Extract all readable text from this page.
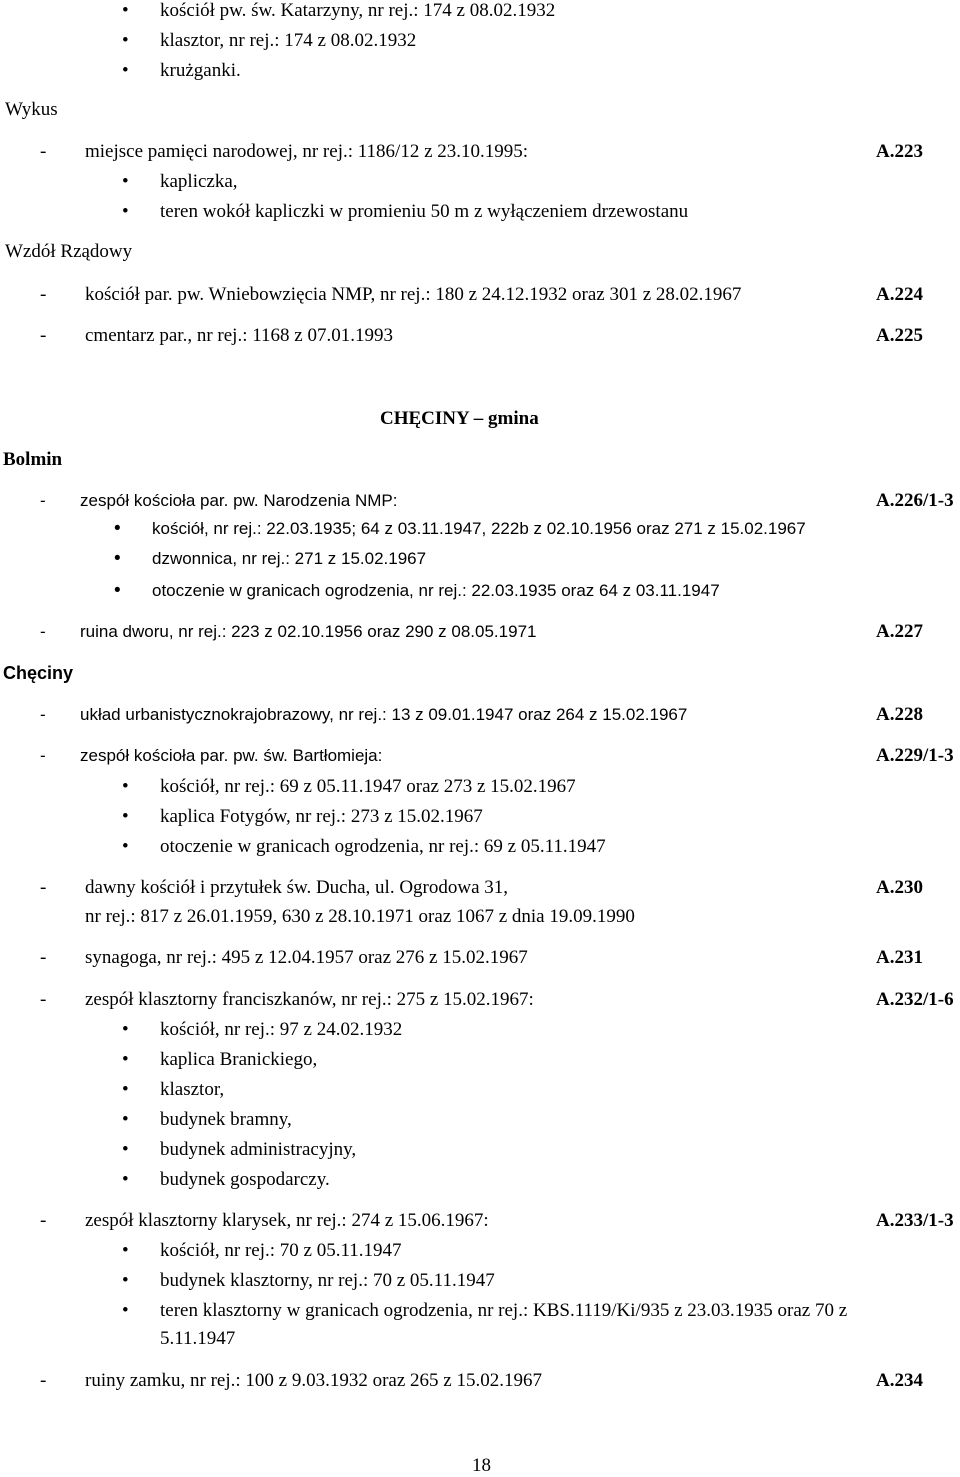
• kościół pw. św. Katarzyny, nr rej.: 174 z 08.02.1932
• klasztor, nr rej.: 174 z 08.02.1932
• krużganki.
Wykus
- miejsce pamięci narodowej, nr rej.: 1186/12 z 23.10.1995:	A.223
• kapliczka,
• teren wokół kapliczki w promieniu 50 m z wyłączeniem drzewostanu
Wzdół Rządowy
- kościół par. pw. Wniebowzięcia NMP, nr rej.: 180 z 24.12.1932 oraz 301 z 28.02.1967	A.224
- cmentarz par., nr rej.: 1168 z 07.01.1993	A.225
CHĘCINY – gmina
Bolmin
- zespół kościoła par. pw. Narodzenia NMP:	A.226/1-3
• kościół, nr rej.: 22.03.1935; 64 z 03.11.1947, 222b z 02.10.1956 oraz 271 z 15.02.1967
• dzwonnica, nr rej.: 271 z 15.02.1967
• otoczenie w granicach ogrodzenia, nr rej.: 22.03.1935 oraz 64 z 03.11.1947
- ruina dworu, nr rej.: 223 z 02.10.1956 oraz 290 z 08.05.1971	A.227
Chęciny
- układ urbanistycznokrajobrazowy, nr rej.: 13 z 09.01.1947 oraz 264 z 15.02.1967	A.228
- zespół kościoła par. pw. św. Bartłomieja:	A.229/1-3
• kościół, nr rej.: 69 z 05.11.1947 oraz 273 z 15.02.1967
• kaplica Fotygów, nr rej.: 273 z 15.02.1967
• otoczenie w granicach ogrodzenia, nr rej.: 69 z 05.11.1947
- dawny kościół i przytułek św. Ducha, ul. Ogrodowa 31,	A.230
nr rej.: 817 z 26.01.1959, 630 z 28.10.1971 oraz 1067 z dnia 19.09.1990
- synagoga, nr rej.: 495 z 12.04.1957 oraz 276 z 15.02.1967	A.231
- zespół klasztorny franciszkanów, nr rej.: 275 z 15.02.1967:	A.232/1-6
• kościół, nr rej.: 97 z 24.02.1932
• kaplica Branickiego,
• klasztor,
• budynek bramny,
• budynek administracyjny,
• budynek gospodarczy.
- zespół klasztorny klarysek, nr rej.: 274 z 15.06.1967:	A.233/1-3
• kościół, nr rej.: 70 z 05.11.1947
• budynek klasztorny, nr rej.: 70 z 05.11.1947
• teren klasztorny w granicach ogrodzenia, nr rej.: KBS.1119/Ki/935 z 23.03.1935 oraz 70 z
5.11.1947
- ruiny zamku, nr rej.: 100 z 9.03.1932 oraz 265 z 15.02.1967	A.234
18
